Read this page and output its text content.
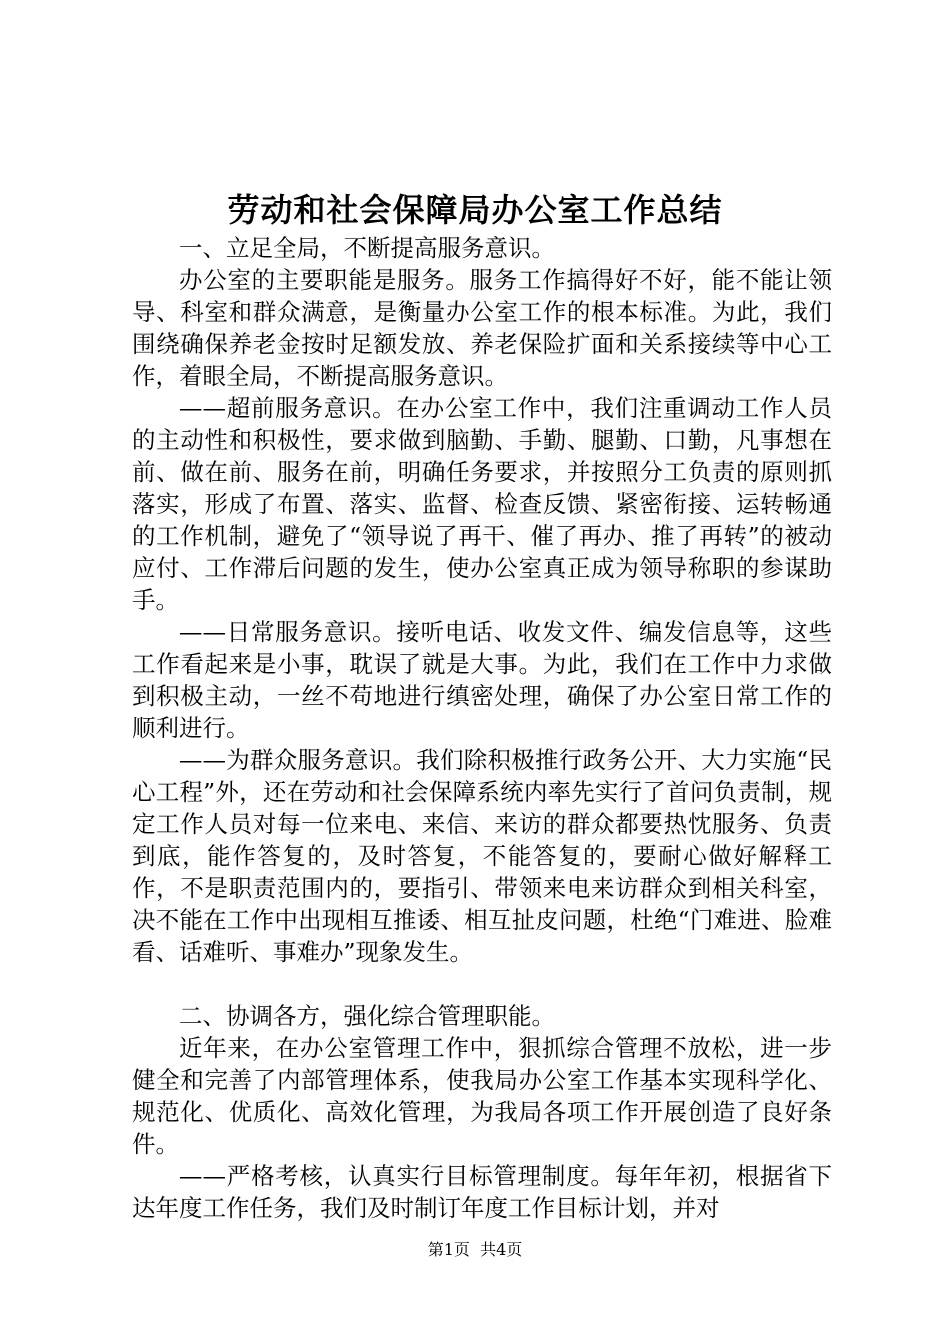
劳动和社会保障局办公室工作总结

一、立足全局，不断提高服务意识。

办公室的主要职能是服务。服务工作搞得好不好，能不能让领导、科室和群众满意，是衡量办公室工作的根本标准。为此，我们围绕确保养老金按时足额发放、养老保险扩面和关系接续等中心工作，着眼全局，不断提高服务意识。

——超前服务意识。在办公室工作中，我们注重调动工作人员的主动性和积极性，要求做到脑勤、手勤、腿勤、口勤，凡事想在前、做在前、服务在前，明确任务要求，并按照分工负责的原则抓落实，形成了布置、落实、监督、检查反馈、紧密衔接、运转畅通的工作机制，避免了“领导说了再干、催了再办、推了再转”的被动应付、工作滞后问题的发生，使办公室真正成为领导称职的参谋助手。

——日常服务意识。接听电话、收发文件、编发信息等，这些工作看起来是小事，耽误了就是大事。为此，我们在工作中力求做到积极主动，一丝不苟地进行缜密处理，确保了办公室日常工作的顺利进行。

——为群众服务意识。我们除积极推行政务公开、大力实施“民心工程”外，还在劳动和社会保障系统内率先实行了首问负责制，规定工作人员对每一位来电、来信、来访的群众都要热忱服务、负责到底，能作答复的，及时答复，不能答复的，要耐心做好解释工作，不是职责范围内的，要指引、带领来电来访群众到相关科室，决不能在工作中出现相互推诿、相互扯皮问题，杜绝“门难进、脸难看、话难听、事难办”现象发生。

二、协调各方，强化综合管理职能。

近年来，在办公室管理工作中，狠抓综合管理不放松，进一步健全和完善了内部管理体系，使我局办公室工作基本实现科学化、规范化、优质化、高效化管理，为我局各项工作开展创造了良好条件。

——严格考核，认真实行目标管理制度。每年年初，根据省下达年度工作任务，我们及时制订年度工作目标计划，并对

第1页  共4页
